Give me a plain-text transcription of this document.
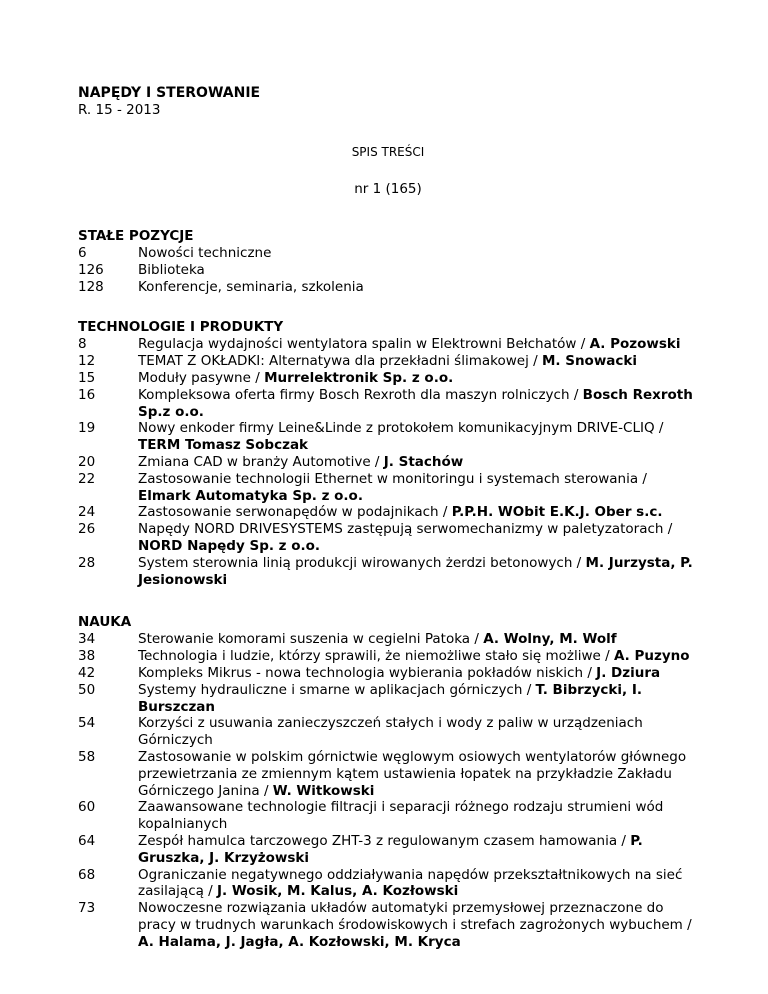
NAPĘDY I STEROWANIE
R. 15 - 2013
SPIS TREŚCI
nr 1 (165)
STAŁE POZYCJE
6	Nowości techniczne
126	Biblioteka
128	Konferencje, seminaria, szkolenia
TECHNOLOGIE I PRODUKTY
8	Regulacja wydajności wentylatora spalin w Elektrowni Bełchatów / A. Pozowski
12	TEMAT Z OKŁADKI: Alternatywa dla przekładni ślimakowej / M. Snowacki
15	Moduły pasywne / Murrelektronik Sp. z o.o.
16	Kompleksowa oferta firmy Bosch Rexroth dla maszyn rolniczych / Bosch Rexroth Sp.z o.o.
19	Nowy enkoder firmy Leine&Linde z protokołem komunikacyjnym DRIVE-CLIQ / TERM Tomasz Sobczak
20	Zmiana CAD w branży Automotive / J. Stachów
22	Zastosowanie technologii Ethernet w monitoringu i systemach sterowania / Elmark Automatyka Sp. z o.o.
24	Zastosowanie serwonapędów w podajnikach / P.P.H. WObit E.K.J. Ober s.c.
26	Napędy NORD DRIVESYSTEMS zastępują serwomechanizmy w paletyzatorach / NORD Napędy Sp. z o.o.
28	System sterownia linią produkcji wirowanych żerdzi betonowych / M. Jurzysta, P. Jesionowski
NAUKA
34	Sterowanie komorami suszenia w cegielni Patoka / A. Wolny, M. Wolf
38	Technologia i ludzie, którzy sprawili, że niemożliwe stało się możliwe / A. Puzyno
42	Kompleks Mikrus - nowa technologia wybierania pokładów niskich / J. Dziura
50	Systemy hydrauliczne i smarne w aplikacjach górniczych / T. Bibrzycki, I. Burszczan
54	Korzyści z usuwania zanieczyszczeń stałych i wody z paliw w urządzeniach Górniczych
58	Zastosowanie w polskim górnictwie węglowym osiowych wentylatorów głównego przewietrzania ze zmiennym kątem ustawienia łopatek na przykładzie Zakładu Górniczego Janina / W. Witkowski
60	Zaawansowane technologie filtracji i separacji różnego rodzaju strumieni wód kopalnianych
64	Zespół hamulca tarczowego ZHT-3 z regulowanym czasem hamowania / P. Gruszka, J. Krzyżowski
68	Ograniczanie negatywnego oddziaływania napędów przekształtnikowych na sieć zasilającą / J. Wosik, M. Kalus, A. Kozłowski
73	Nowoczesne rozwiązania układów automatyki przemysłowej przeznaczone do pracy w trudnych warunkach środowiskowych i strefach zagrożonych wybuchem / A. Halama, J. Jagła, A. Kozłowski, M. Kryca
